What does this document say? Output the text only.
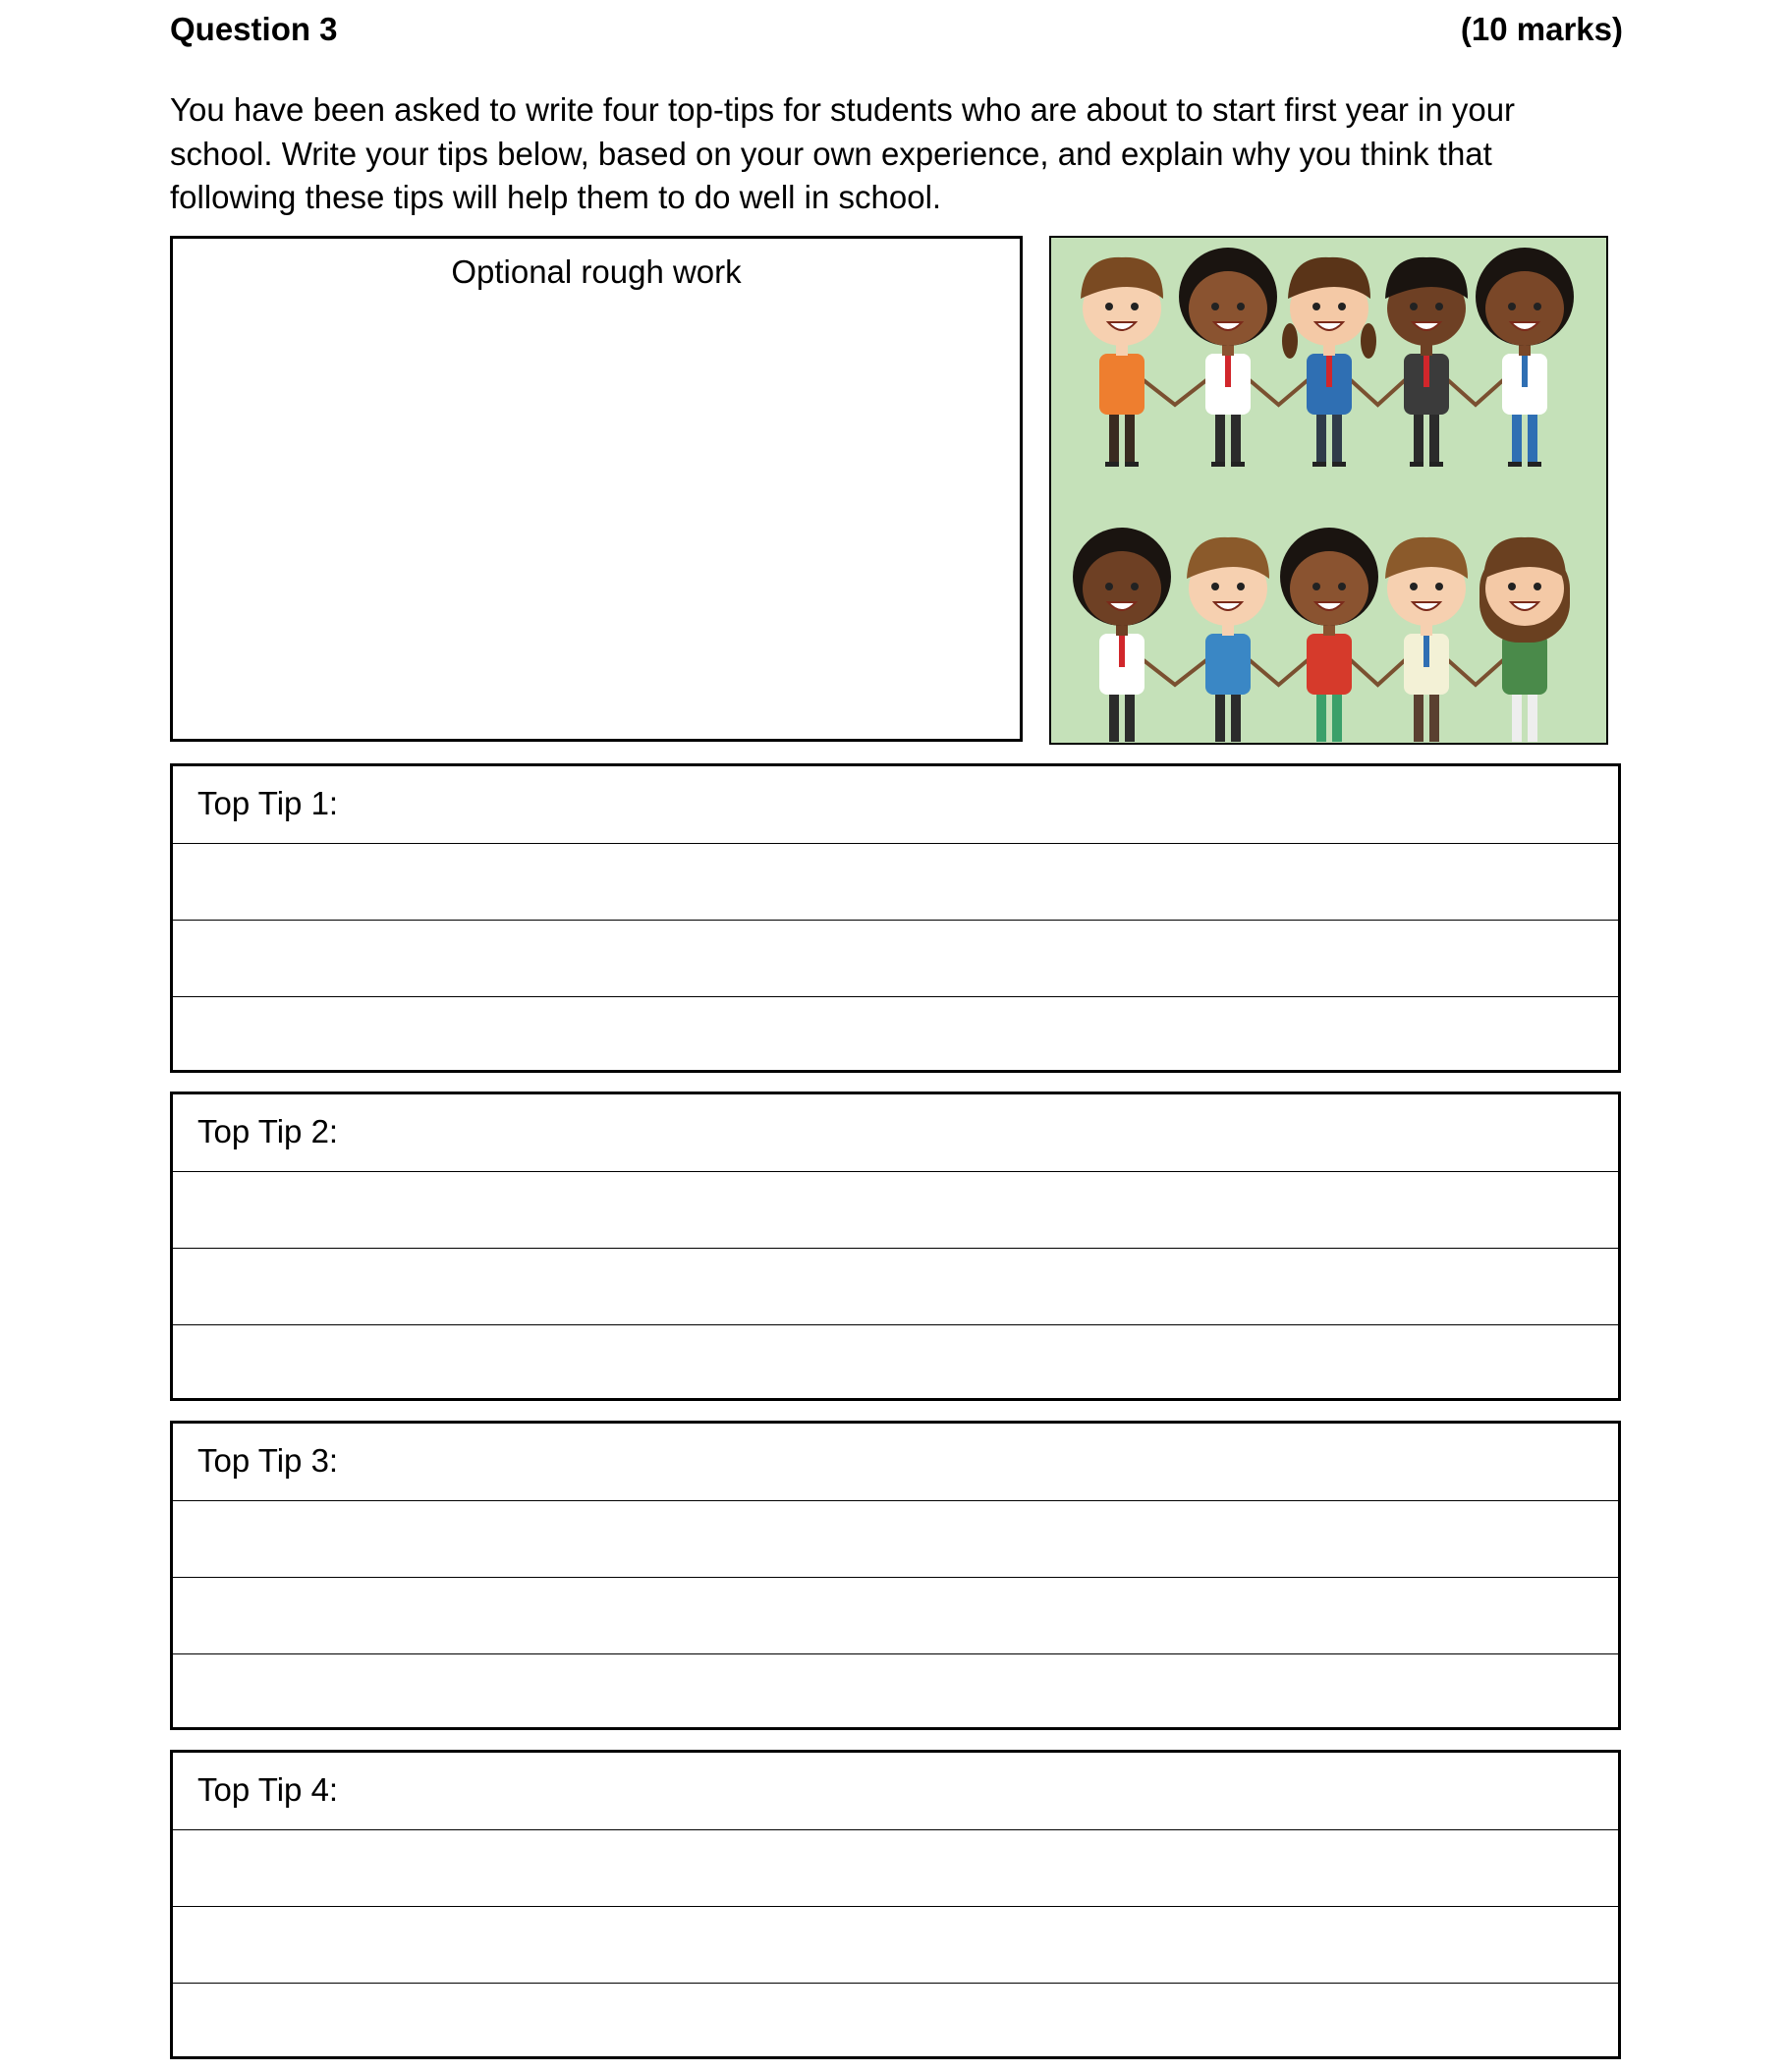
Question 3	(10 marks)
You have been asked to write four top-tips for students who are about to start first year in your
school. Write your tips below, based on your own experience, and explain why you think that
following these tips will help them to do well in school.
Optional rough work
Top Tip 1:
Top Tip 2:
Top Tip 3:
Top Tip 4:
